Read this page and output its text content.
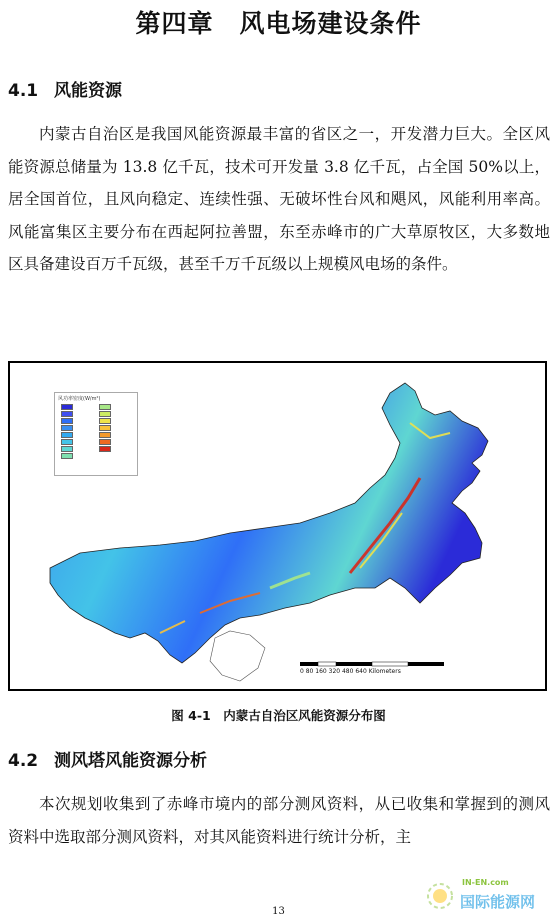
第四章　风电场建设条件
4.1 风能资源

内蒙古自治区是我国风能资源最丰富的省区之一，开发潜力巨大。全区风能资源总储量为 13.8 亿千瓦，技术可开发量 3.8 亿千瓦，占全国 50%以上，居全国首位，且风向稳定、连续性强、无破坏性台风和飓风，风能利用率高。风能富集区主要分布在西起阿拉善盟，东至赤峰市的广大草原牧区，大多数地区具备建设百万千瓦级，甚至千万千瓦级以上规模风电场的条件。

风功率密度(W/m²)
0 80 160 320 480 640 Kilometers
图 4-1　内蒙古自治区风能资源分布图
4.2 测风塔风能资源分析

本次规划收集到了赤峰市境内的部分测风资料，从已收集和掌握到的测风资料中选取部分测风资料，对其风能资料进行统计分析，主

IN-EN.com
国际能源网
13
